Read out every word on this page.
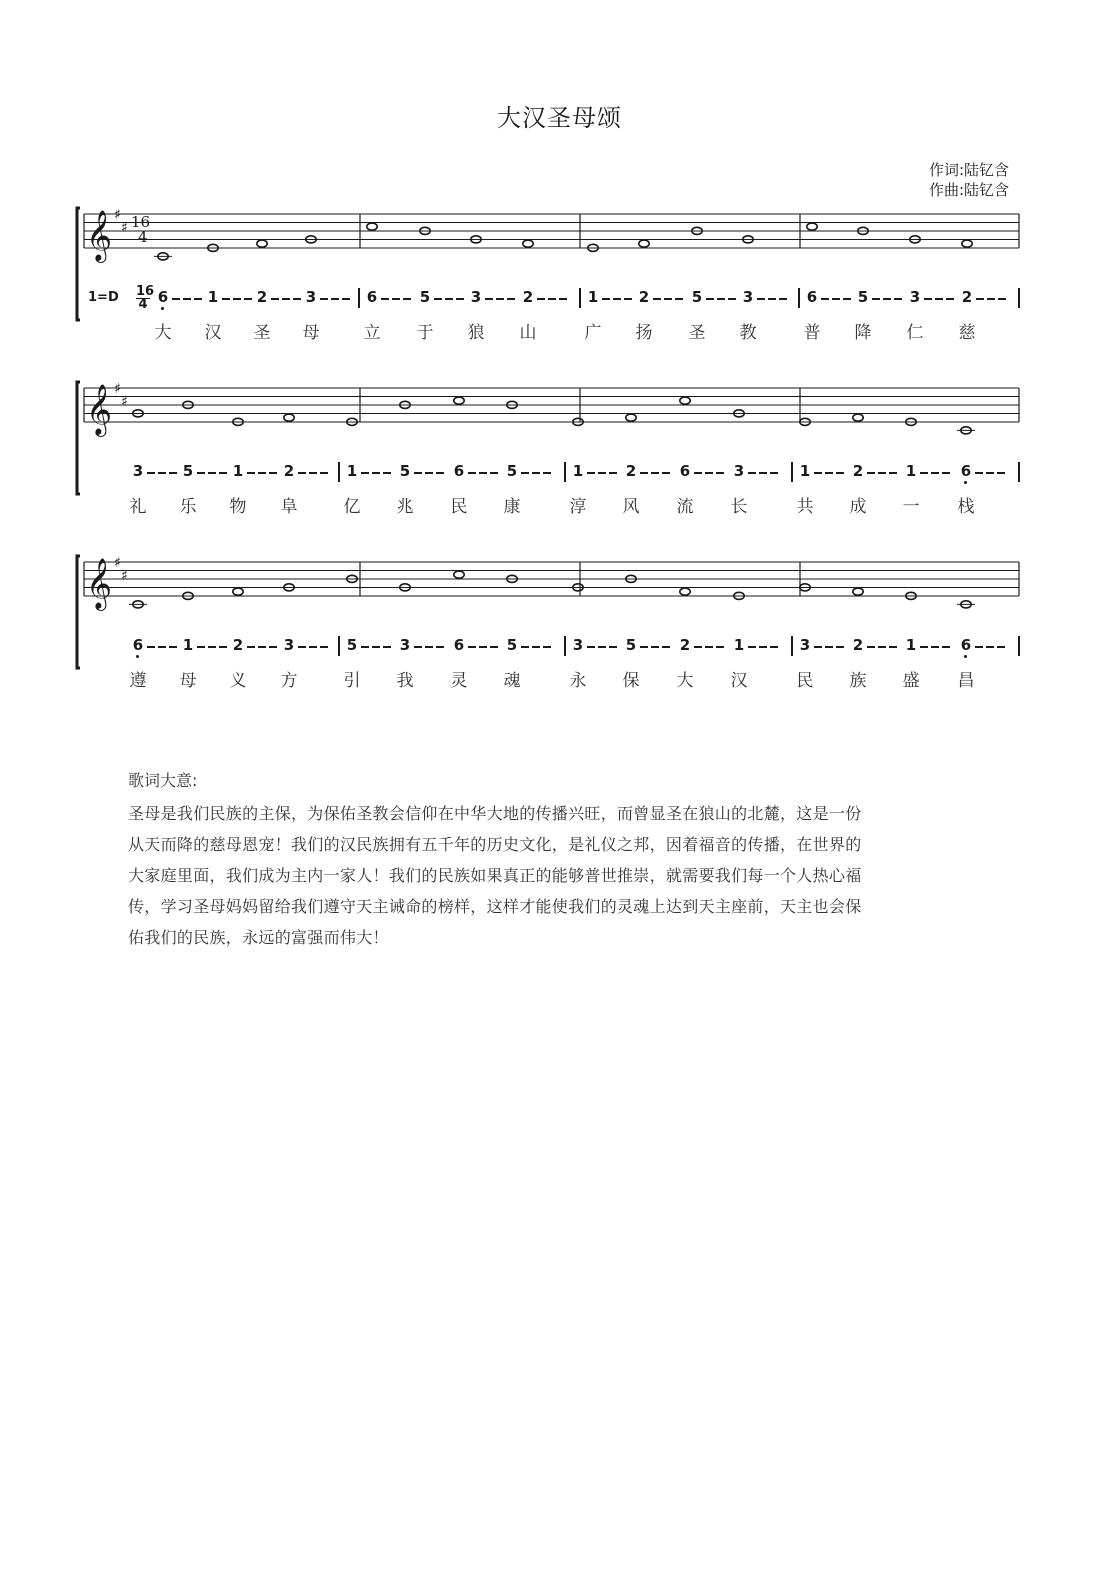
大汉圣母颂
作词:陆钇含
作曲:陆钇含
𝄞 ♯
♯ 16
4
1=D 16
4 6
大
1
汉
2
圣
3
母
6
立
5
于
3
狼
2
山
1
广
2
扬
5
圣
3
教
6
普
5
降
3
仁
2
慈
𝄞 ♯
♯
3
礼
5
乐
1
物
2
阜
1
亿
5
兆
6
民
5
康
1
淳
2
风
6
流
3
长
1
共
2
成
1
一
6
栈
𝄞 ♯
♯
6
遵
1
母
2
义
3
方
5
引
3
我
6
灵
5
魂
3
永
5
保
2
大
1
汉
3
民
2
族
1
盛
6
昌
歌词大意:
圣母是我们民族的主保，为保佑圣教会信仰在中华大地的传播兴旺，而曾显圣在狼山的北麓，这是一份
从天而降的慈母恩宠！我们的汉民族拥有五千年的历史文化，是礼仪之邦，因着福音的传播，在世界的
大家庭里面，我们成为主内一家人！我们的民族如果真正的能够普世推崇，就需要我们每一个人热心福
传，学习圣母妈妈留给我们遵守天主诫命的榜样，这样才能使我们的灵魂上达到天主座前，天主也会保
佑我们的民族，永远的富强而伟大！
